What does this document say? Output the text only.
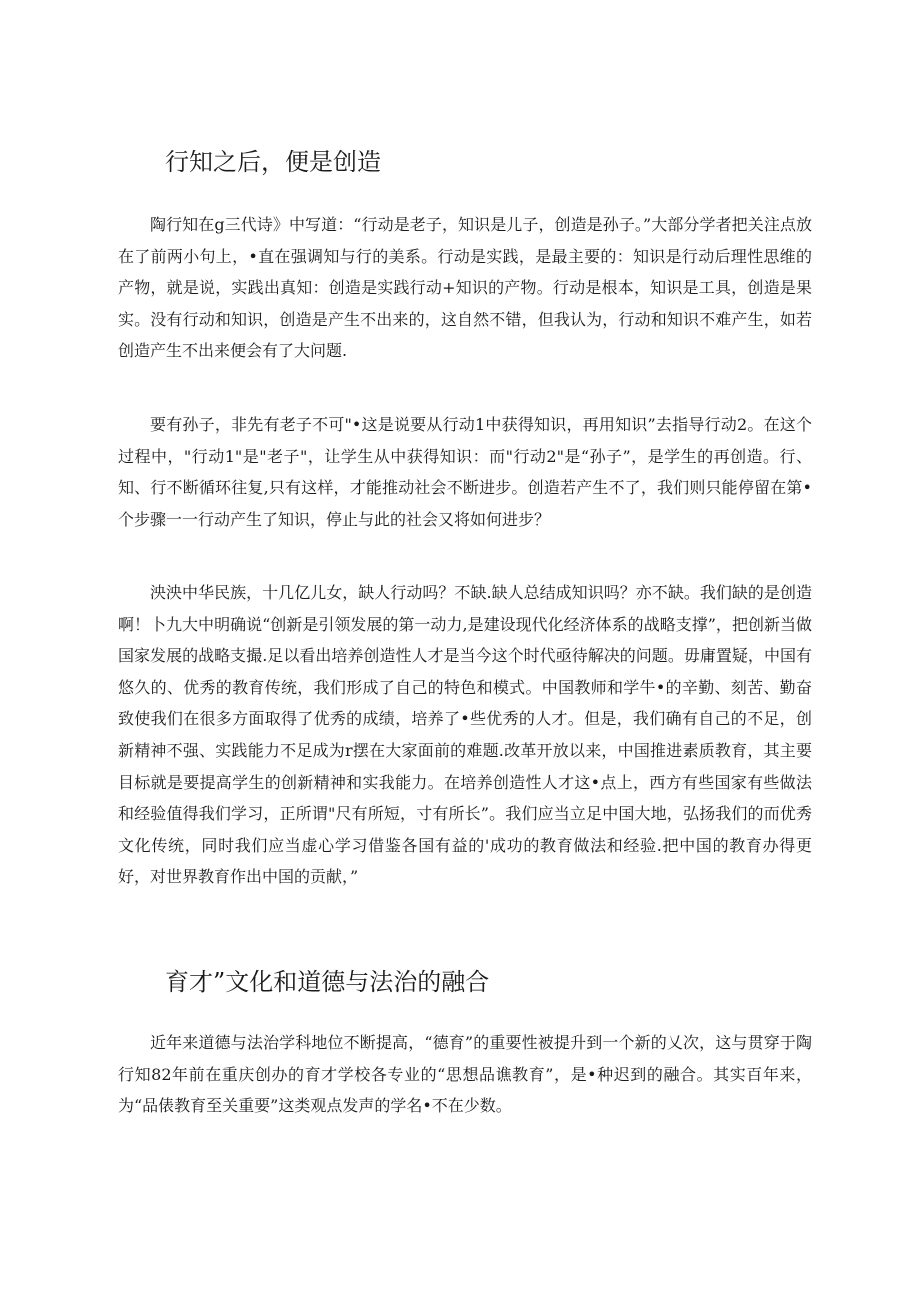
行知之后，便是创造

陶行知在g三代诗》中写道：“行动是老子，知识是儿子，创造是孙子。”大部分学者把关注点放在了前两小句上，•直在强调知与行的美系。行动是实践，是最主要的：知识是行动后理性思维的产物，就是说，实践出真知：创造是实践行动+知识的产物。行动是根本，知识是工具，创造是果实。没有行动和知识，创造是产生不出来的，这自然不错，但我认为，行动和知识不难产生，如若创造产生不出来便会有了大问题.

要有孙子，非先有老子不可"•这是说要从行动1中获得知识，再用知识”去指导行动2。在这个过程中，"行动1"是"老子"，让学生从中获得知识：而"行动2"是“孙子”，是学生的再创造。行、知、行不断循环往复,只有这样，才能推动社会不断进步。创造若产生不了，我们则只能停留在第•个步骤一一行动产生了知识，停止与此的社会又将如何进步？

泱泱中华民族，十几亿儿女，缺人行动吗？不缺.缺人总结成知识吗？亦不缺。我们缺的是创造啊！卜九大中明确说“创新是引领发展的第一动力,是建设现代化经济体系的战略支撑”，把创新当做国家发展的战略支撮.足以看出培养创造性人才是当今这个时代亟待解决的问题。毋庸置疑，中国有悠久的、优秀的教育传统，我们形成了自己的特色和模式。中国教师和学牛•的辛勤、刻苦、勤奋致使我们在很多方面取得了优秀的成绩，培养了•些优秀的人才。但是，我们确有自己的不足，创新精神不强、实践能力不足成为r摆在大家面前的难题.改革开放以来，中国推进素质教育，其主要目标就是要提高学生的创新精神和实我能力。在培养创造性人才这•点上，西方有些国家有些做法和经验值得我们学习，正所谓"尺有所短，寸有所长”。我们应当立足中国大地，弘扬我们的而优秀文化传统，同时我们应当虚心学习借鉴各国有益的'成功的教育做法和经验.把中国的教育办得更好，对世界教育作出中国的贡献，”

育才”文化和道德与法治的融合

近年来道德与法治学科地位不断提高，“德育”的重要性被提升到一个新的乂次，这与贯穿于陶行知82年前在重庆创办的育才学校各专业的“思想品谯教育”，是•种迟到的融合。其实百年来，为“品俵教育至关重要”这类观点发声的学名•不在少数。
